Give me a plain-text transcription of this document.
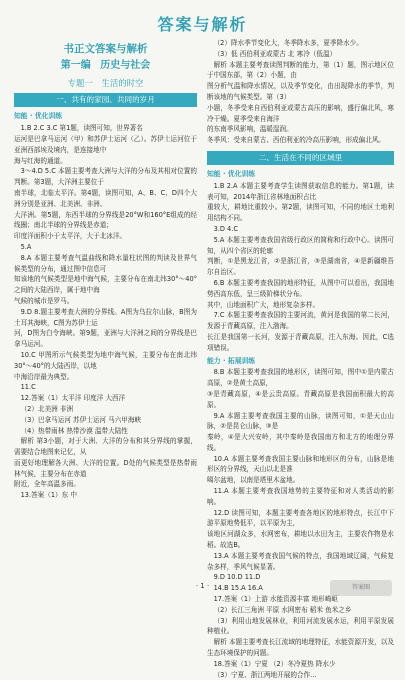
答案与解析
书正文答案与解析
第一编 历史与社会
专题一 生活的时空
一、共有的家园、共同的岁月
知能 · 优化训练

1.B 2.C 3.C 第1题，读图可知，世界著名

运河是巴拿马运河（甲）和苏伊士运河（乙）。苏伊士运河位于亚洲西部埃及境内，是连接地中

海与红海的通道。

3～4.D 5.C 本题主要考查大洲与大洋的分布及其相对位置的判断。第3题，大洋洲主要位于

南半球，北临太平洋。第4题，读图可知，A、B、C、D四个大洲分别是亚洲、北美洲、非洲、

大洋洲。第5题，东西半球的分界线是20°W和160°E组成的经线圈；南北半球的分界线是赤道；

印度洋面积小于太平洋，大于北冰洋。

5.A

8.A 本题主要考查气温曲线和降水量柱状图的判读及世界气候类型的分布，通过图中信息可

知该地的气候类型是地中海气候，主要分布在南北纬30°～40°之间的大陆西岸，属于地中海

气候的城市是罗马。

9.D 8.题主要考查大洲的分界线。A图为乌拉尔山脉，B图为土耳其海峡，C图为苏伊士运

河，D图为白令海峡。第9题，亚洲与大洋洲之间的分界线是巴拿马运河。

10.C 甲图所示气候类型为地中海气候，主要分布在南北纬30°～40°的大陆西岸，以地

中海沿岸最为典型。

11.C

12.答案（1）太平洋 印度洋 大西洋

（2）北美洲 非洲

（3）巴拿马运河 苏伊士运河 马六甲海峡

（4）热带雨林 热带沙漠 温带大陆性

解析 第3小题，对于大洲、大洋的分布和其分界线的掌握，需要结合地图来记忆，从

而更好地理解各大洲、大洋的位置。D处的气候类型是热带雨林气候，主要分布在赤道

附近，全年高温多雨。

13.答案（1）东 中

（2）降水季节变化大，冬季降水多，夏季降水少。

（3）低 西伯利亚或蒙古 北 寒冷（低温）

解析 本题主要考查读图判断的能力，第（1）题，图示地区位于中国东部，第（2）小题，由

图分析气温和降水情况，以及季节变化，由出现降水的季节，判断该地的气候类型。第（3）

小题，冬季受来自西伯利亚或蒙古高压的影响，盛行偏北风，寒冷干燥。夏季受来自海洋

的东南季风影响，温暖湿润。

冬季风：受来自蒙古、西伯利亚的冷高压影响，形成偏北风。

二、生活在不同的区域里
知能 · 优化训练

1.B 2.A 本题主要考查学生读图获取信息的能力。第1题，读表可知，2014年浙江省林地面积占比

重较大，耕地比重较小。第2题，读图可知，不同的地区土地利用结构不同。

3.D 4.C

5.A 本题主要考查我国省级行政区的简称和行政中心。读图可知，从四个省区的轮廓

判断，①是黑龙江省，②是浙江省，③是湖南省，④是新疆维吾尔自治区。

6.B 本题主要考查我国的地形特征，从图中可以看出，我国地势西高东低，呈三级阶梯状分布。

其中，山地面积广大，地形复杂多样。

7.C 本题主要考查我国的主要河流，黄河是我国的第二长河，发源于青藏高原，注入渤海。

长江是我国第一长河，发源于青藏高原，注入东海。因此，C选项错误。

能力 · 拓展训练

8.B 本题主要考查我国的地形区，读图可知，图中①是内蒙古高原，②是黄土高原，

③是青藏高原，④是云贵高原。青藏高原是我国面积最大的高原。

9.A 本题主要考查我国主要的山脉，读图可知，①是天山山脉，②是昆仑山脉，③是

秦岭，④是大兴安岭，其中秦岭是我国南方和北方的地理分界线。

10.A 本题主要考查我国主要山脉和地形区的分布，山脉是地形区的分界线，天山以北是准

噶尔盆地，以南是塔里木盆地。

11.A 本题主要考查我国地势的主要特征和对人类活动的影响。

12.D 读图可知，本题主要考查各地区的地形特点，长江中下游平原地势低平，以平原为主，

该地区河湖众多，水网密布，耕地以水田为主，主要农作物是水稻。故选B。

13.A 本题主要考查我国气候的特点，我国地域辽阔，气候复杂多样，季风气候显著。

9.D 10.D 11.D

14.B 15.A 16.A

17.答案（1）上游 水能资源丰富 地形崎岖

（2）长江三角洲 平原 水网密布 稻米 鱼米之乡

（3）利用山地发展林业，利用河流发展水运，利用平原发展种植业。

解析 本题主要考查长江流域的地理特征，水能资源开发，以及生态环境保护的问题。

18.答案（1）宁夏 （2）冬冷夏热 降水少

（3）宁夏、浙江两地开展的合作...

· 1 ·	答案圈
